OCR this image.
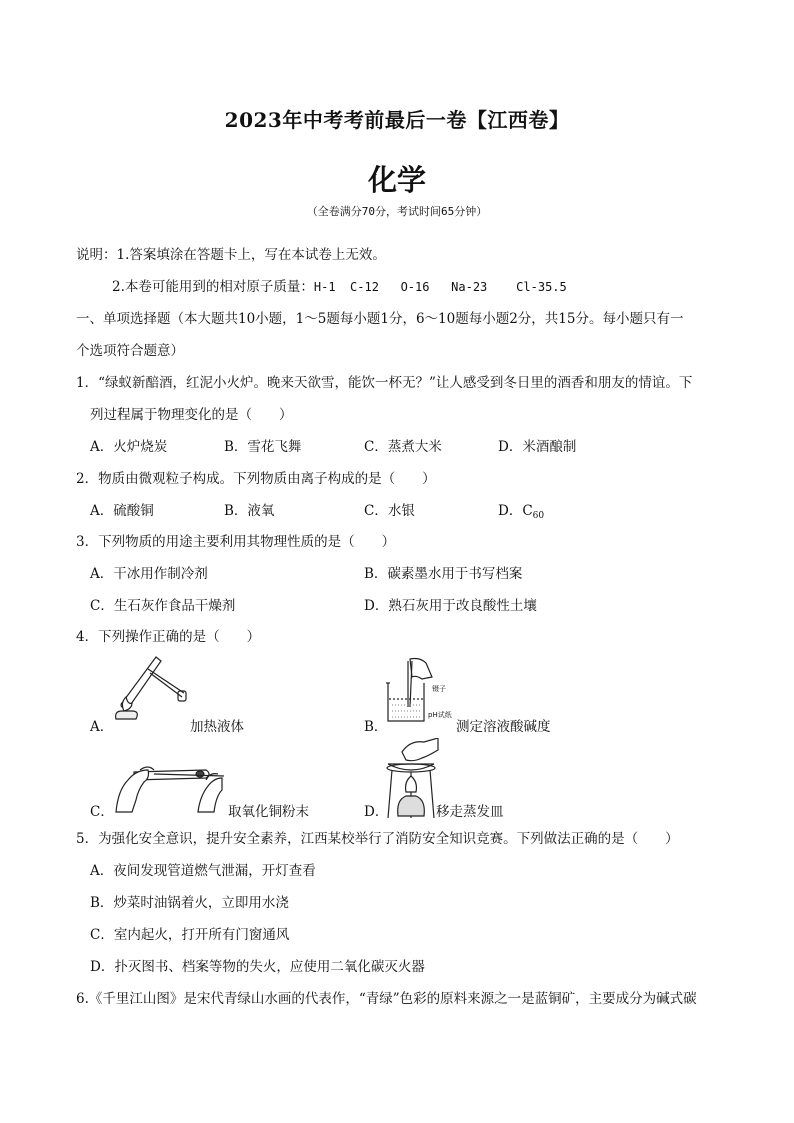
2023年中考考前最后一卷【江西卷】
化学
（全卷满分70分，考试时间65分钟）
说明：1.答案填涂在答题卡上，写在本试卷上无效。
2.本卷可能用到的相对原子质量：H-1  C-12   O-16   Na-23    Cl-35.5
一、单项选择题（本大题共10小题，1～5题每小题1分，6～10题每小题2分，共15分。每小题只有一
个选项符合题意）
1．“绿蚁新醅酒，红泥小火炉。晚来天欲雪，能饮一杯无？”让人感受到冬日里的酒香和朋友的情谊。下
列过程属于物理变化的是（　　）
A．火炉烧炭	B．雪花飞舞	C．蒸煮大米	D．米酒酿制
2．物质由微观粒子构成。下列物质由离子构成的是（　　）
A．硫酸铜	B．液氧	C．水银	D．$C_{60}$
3．下列物质的用途主要利用其物理性质的是（　　）
A．干冰用作制冷剂	B．碳素墨水用于书写档案
C．生石灰作食品干燥剂	D．熟石灰用于改良酸性土壤
4．下列操作正确的是（　　）
A．	加热液体
镊子
pH试纸
B．	测定溶液酸碱度
C．	取氧化铜粉末	D．	移走蒸发皿
5．为强化安全意识，提升安全素养，江西某校举行了消防安全知识竞赛。下列做法正确的是（　　）
A．夜间发现管道燃气泄漏，开灯查看
B．炒菜时油锅着火，立即用水浇
C．室内起火，打开所有门窗通风
D．扑灭图书、档案等物的失火，应使用二氧化碳灭火器
6.《千里江山图》是宋代青绿山水画的代表作，“青绿”色彩的原料来源之一是蓝铜矿，主要成分为碱式碳
